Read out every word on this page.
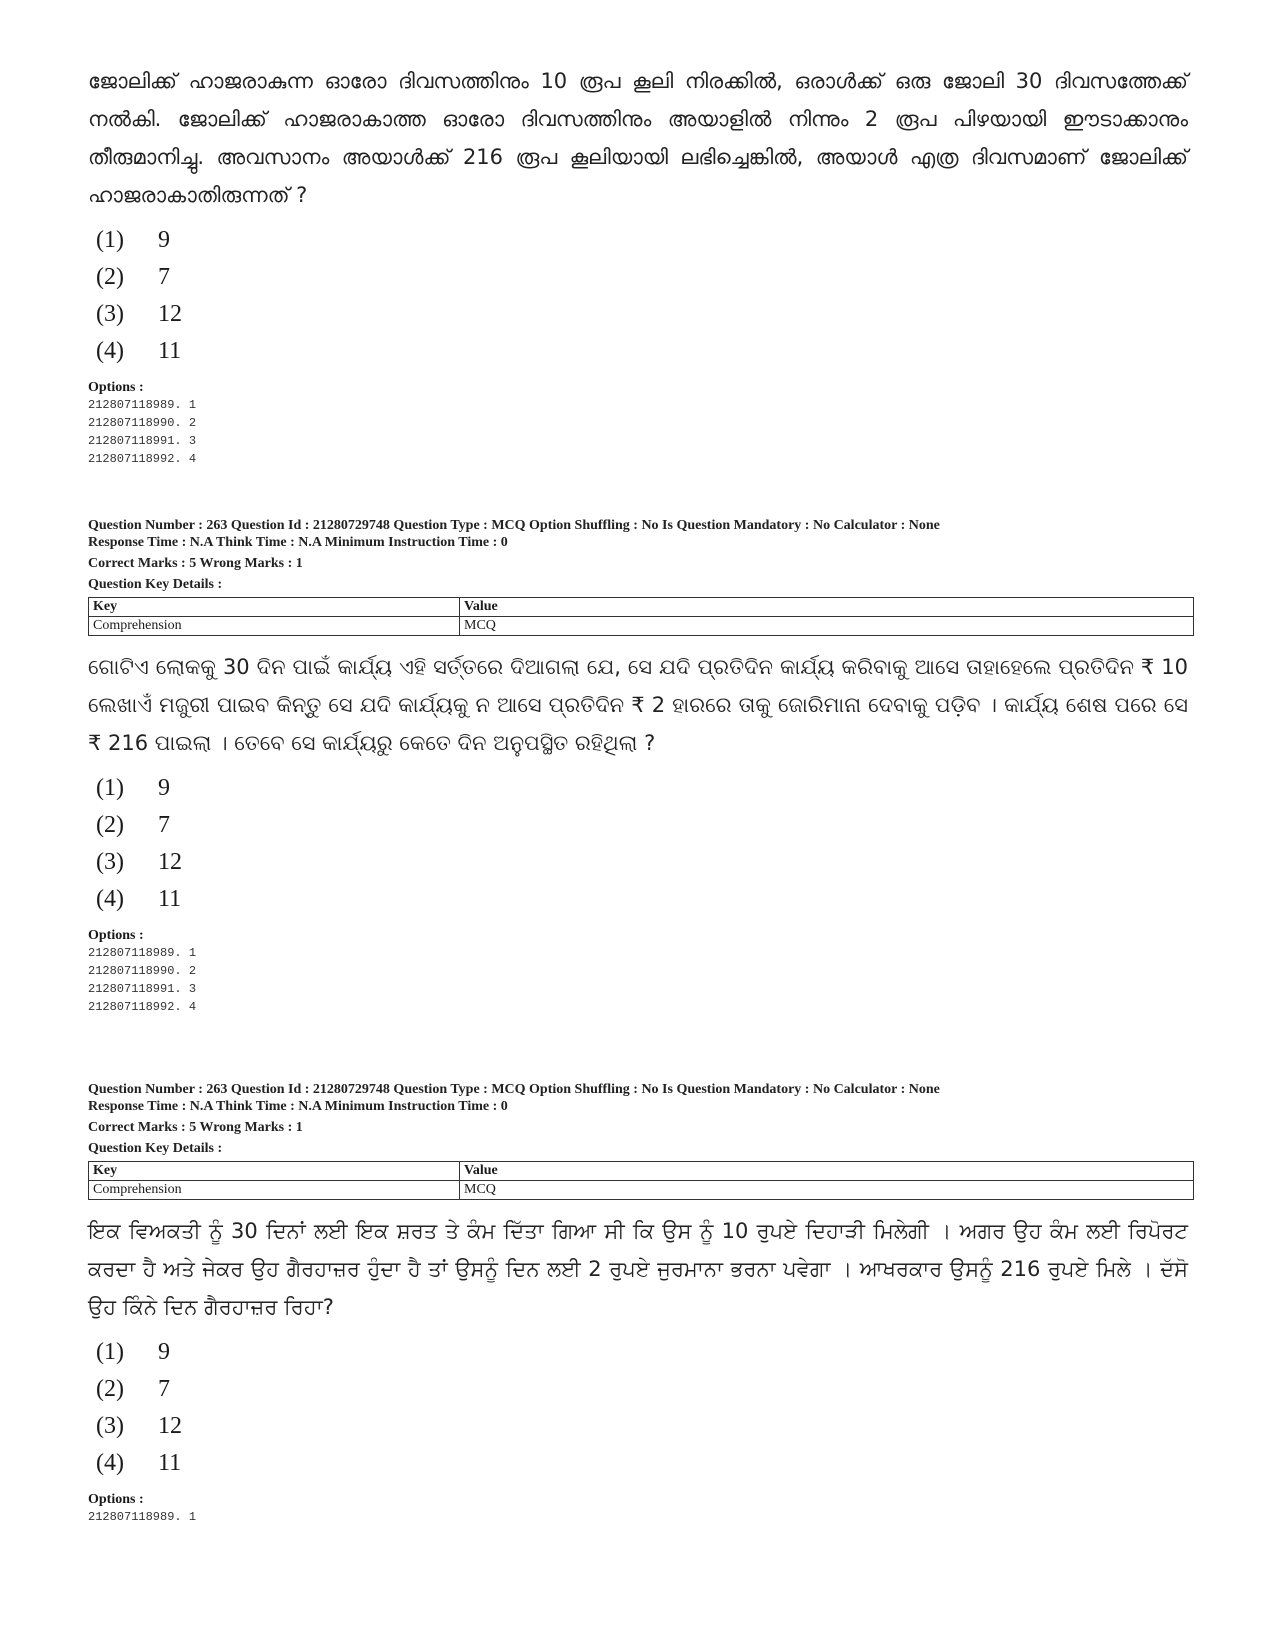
ജോലിക്ക് ഹാജരാകുന്ന ഓരോ ദിവസത്തിനും 10 രൂപ കൂലി നിരക്കിൽ, ഒരാൾക്ക് ഒരു ജോലി 30 ദിവസത്തേക്ക് നൽകി. ജോലിക്ക് ഹാജരാകാത്ത ഓരോ ദിവസത്തിനും അയാളിൽ നിന്നും 2 രൂപ പിഴയായി ഈടാക്കാനും തീരുമാനിച്ചു. അവസാനം അയാൾക്ക് 216 രൂപ കൂലിയായി ലഭിച്ചെങ്കിൽ, അയാൾ എത്ര ദിവസമാണ് ജോലിക്ക് ഹാജരാകാതിരുന്നത് ?

(1)	9
(2)	7
(3)	12
(4)	11
Options :
212807118989. 1
212807118990. 2
212807118991. 3
212807118992. 4
Question Number : 263 Question Id : 21280729748 Question Type : MCQ Option Shuffling : No Is Question Mandatory : No Calculator : None
Response Time : N.A Think Time : N.A Minimum Instruction Time : 0
Correct Marks : 5 Wrong Marks : 1
Question Key Details :
Key	Value
Comprehension	MCQ

ଗୋଟିଏ ଲୋକକୁ 30 ଦିନ ପାଇଁ କାର୍ଯ୍ୟ ଏହି ସର୍ତ୍ତରେ ଦିଆଗଲା ଯେ, ସେ ଯଦି ପ୍ରତିଦିନ କାର୍ଯ୍ୟ କରିବାକୁ ଆସେ ତାହାହେଲେ ପ୍ରତିଦିନ ₹ 10 ଲେଖାଏଁ ମଜୁରୀ ପାଇବ କିନ୍ତୁ ସେ ଯଦି କାର୍ଯ୍ୟକୁ ନ ଆସେ ପ୍ରତିଦିନ ₹ 2 ହାରରେ ତାକୁ ଜୋରିମାନା ଦେବାକୁ ପଡ଼ିବ । କାର୍ଯ୍ୟ ଶେଷ ପରେ ସେ ₹ 216 ପାଇଲା । ତେବେ ସେ କାର୍ଯ୍ୟରୁ କେତେ ଦିନ ଅନୁପସ୍ଥିତ ରହିଥିଲା ?

(1)	9
(2)	7
(3)	12
(4)	11
Options :
212807118989. 1
212807118990. 2
212807118991. 3
212807118992. 4
Question Number : 263 Question Id : 21280729748 Question Type : MCQ Option Shuffling : No Is Question Mandatory : No Calculator : None
Response Time : N.A Think Time : N.A Minimum Instruction Time : 0
Correct Marks : 5 Wrong Marks : 1
Question Key Details :
Key	Value
Comprehension	MCQ

ਇਕ ਵਿਅਕਤੀ ਨੂੰ 30 ਦਿਨਾਂ ਲਈ ਇਕ ਸ਼ਰਤ ਤੇ ਕੰਮ ਦਿੱਤਾ ਗਿਆ ਸੀ ਕਿ ਉਸ ਨੂੰ 10 ਰੁਪਏ ਦਿਹਾੜੀ ਮਿਲੇਗੀ । ਅਗਰ ਉਹ ਕੰਮ ਲਈ ਰਿਪੋਰਟ ਕਰਦਾ ਹੈ ਅਤੇ ਜੇਕਰ ਉਹ ਗੈਰਹਾਜ਼ਰ ਹੁੰਦਾ ਹੈ ਤਾਂ ਉਸਨੂੰ ਦਿਨ ਲਈ 2 ਰੁਪਏ ਜੁਰਮਾਨਾ ਭਰਨਾ ਪਵੇਗਾ । ਆਖਰਕਾਰ ਉਸਨੂੰ 216 ਰੁਪਏ ਮਿਲੇ । ਦੱਸੋ ਉਹ ਕਿੰਨੇ ਦਿਨ ਗੈਰਹਾਜ਼ਰ ਰਿਹਾ?

(1)	9
(2)	7
(3)	12
(4)	11
Options :
212807118989. 1
